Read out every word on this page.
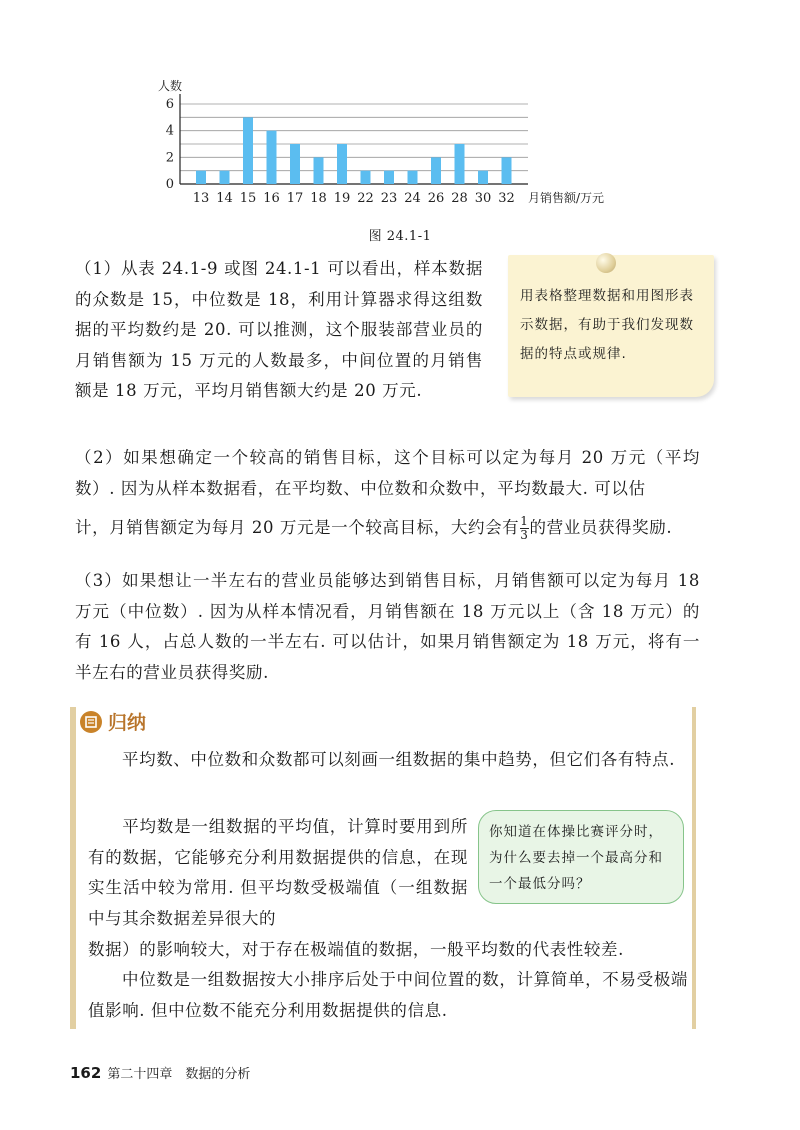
0
2
4
6
人数
13 14 15 16 17 18 19 22 23 24 26 28 30 32 月销售额/万元
图 24.1-1
（1）从表 24.1-9 或图 24.1-1 可以看出，样本数据的众数是 15，中位数是 18，利用计算器求得这组数据的平均数约是 20. 可以推测，这个服装部营业员的月销售额为 15 万元的人数最多，中间位置的月销售额是 18 万元，平均月销售额大约是 20 万元.
用表格整理数据和用图形表示数据，有助于我们发现数据的特点或规律.
（2）如果想确定一个较高的销售目标，这个目标可以定为每月 20 万元（平均数）. 因为从样本数据看，在平均数、中位数和众数中，平均数最大. 可以估
计，月销售额定为每月 20 万元是一个较高目标，大约会有 $\frac{1}{3}$ 的营业员获得奖励.
（3）如果想让一半左右的营业员能够达到销售目标，月销售额可以定为每月 18 万元（中位数）. 因为从样本情况看，月销售额在 18 万元以上（含 18 万元）的有 16 人，占总人数的一半左右. 可以估计，如果月销售额定为 18 万元，将有一半左右的营业员获得奖励.
归纳
平均数、中位数和众数都可以刻画一组数据的集中趋势，但它们各有特点.
平均数是一组数据的平均值，计算时要用到所有的数据，它能够充分利用数据提供的信息，在现实生活中较为常用. 但平均数受极端值（一组数据中与其余数据差异很大的
你知道在体操比赛评分时，为什么要去掉一个最高分和一个最低分吗？
数据）的影响较大，对于存在极端值的数据，一般平均数的代表性较差.
中位数是一组数据按大小排序后处于中间位置的数，计算简单，不易受极端值影响. 但中位数不能充分利用数据提供的信息.
162 第二十四章　数据的分析
